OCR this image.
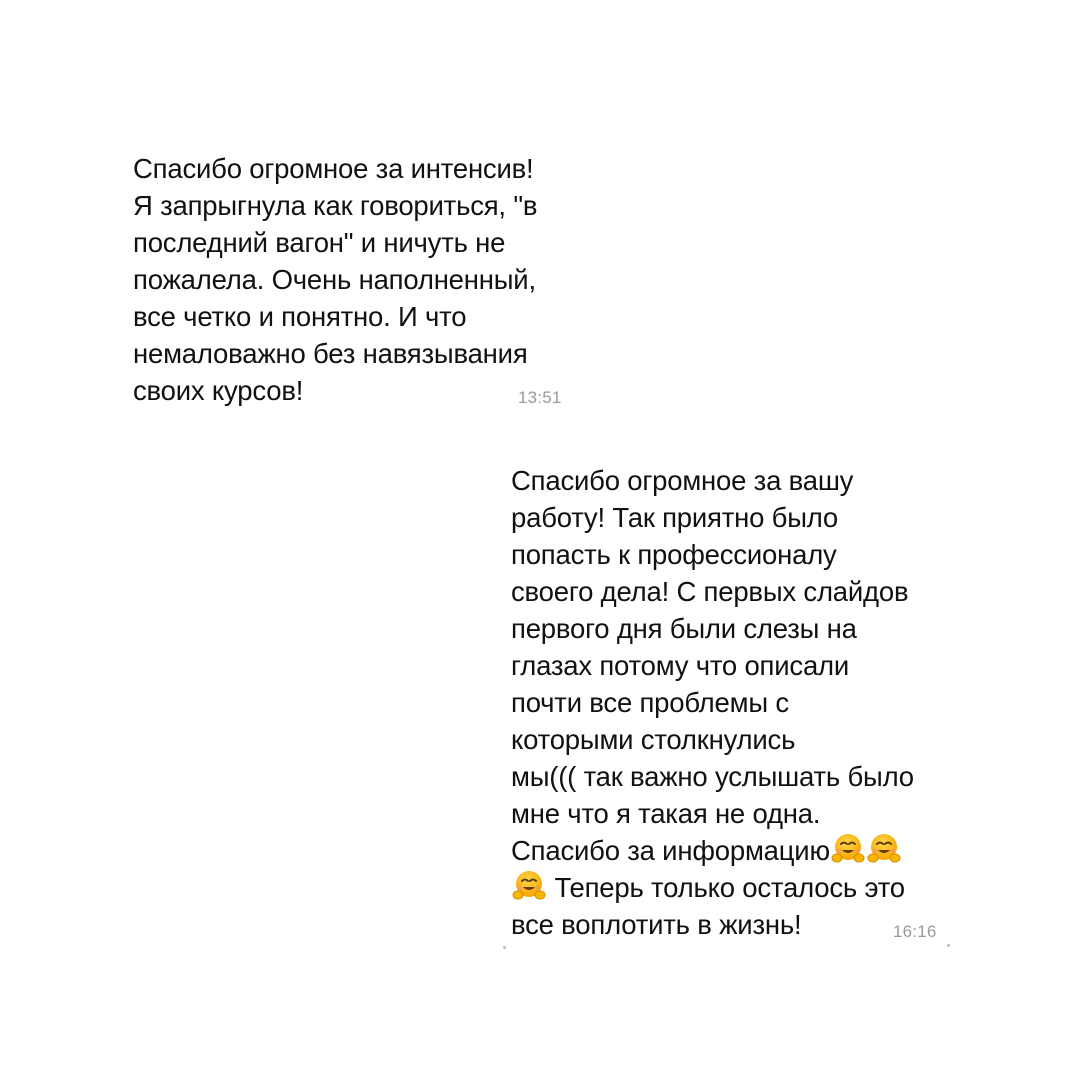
Спасибо огромное за интенсив!
Я запрыгнула как говориться, "в
последний вагон" и ничуть не
пожалела. Очень наполненный,
все четко и понятно. И что
немаловажно без навязывания
своих курсов!	13:51
Спасибо огромное за вашу
работу! Так приятно было
попасть к профессионалу
своего дела! С первых слайдов
первого дня были слезы на
глазах потому что описали
почти все проблемы с
которыми столкнулись
мы((( так важно услышать было
мне что я такая не одна.
Спасибо за информацию
Теперь только осталось это
все воплотить в жизнь!	16:16
